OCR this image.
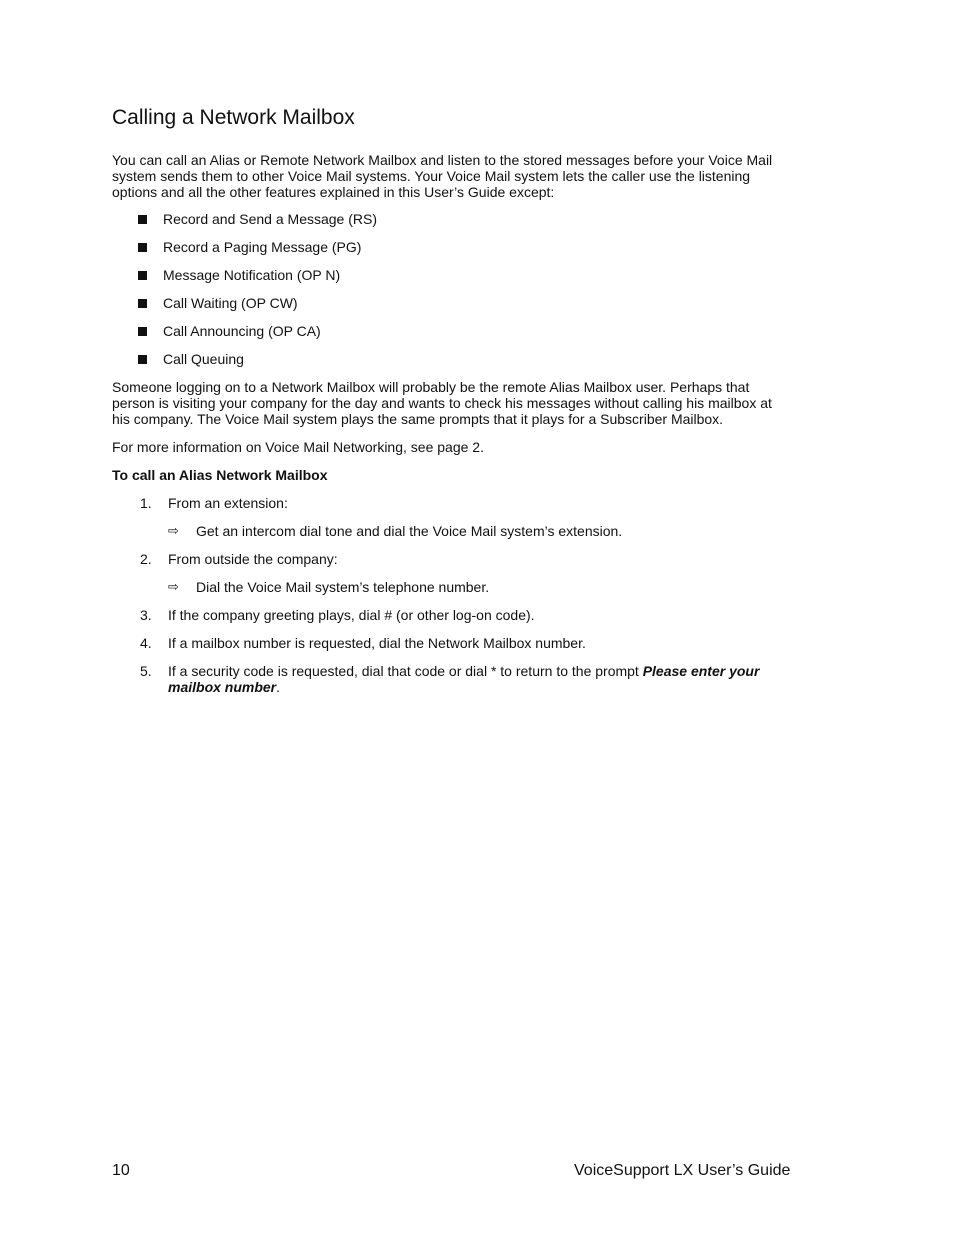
Calling a Network Mailbox

You can call an Alias or Remote Network Mailbox and listen to the stored messages before your Voice Mail system sends them to other Voice Mail systems. Your Voice Mail system lets the caller use the listening options and all the other features explained in this User’s Guide except:

Record and Send a Message (RS)
Record a Paging Message (PG)
Message Notification (OP N)
Call Waiting (OP CW)
Call Announcing (OP CA)
Call Queuing

Someone logging on to a Network Mailbox will probably be the remote Alias Mailbox user. Perhaps that person is visiting your company for the day and wants to check his messages without calling his mailbox at his company. The Voice Mail system plays the same prompts that it plays for a Subscriber Mailbox.

For more information on Voice Mail Networking, see page 2.

To call an Alias Network Mailbox
1.	From an extension:
⇨	Get an intercom dial tone and dial the Voice Mail system’s extension.
2.	From outside the company:
⇨	Dial the Voice Mail system’s telephone number.
3.	If the company greeting plays, dial # (or other log-on code).
4.	If a mailbox number is requested, dial the Network Mailbox number.
5.	If a security code is requested, dial that code or dial * to return to the prompt Please enter your mailbox number.
10	VoiceSupport LX User’s Guide
